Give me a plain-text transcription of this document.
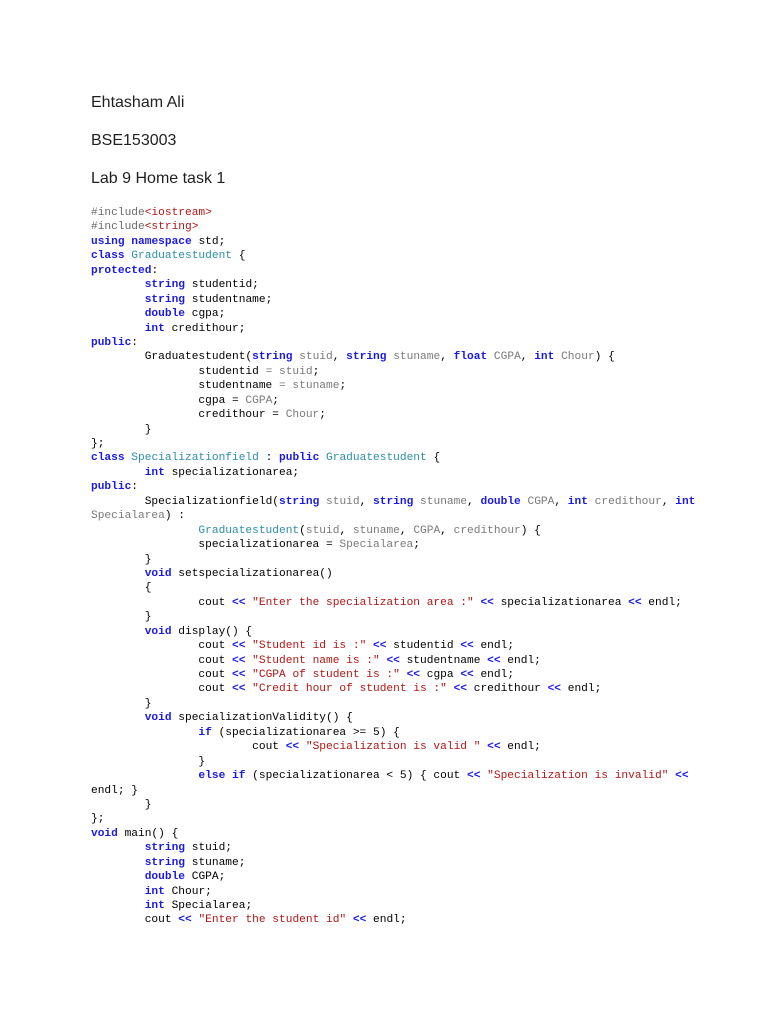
Ehtasham Ali

BSE153003

Lab 9 Home task 1

#include<iostream>
#include<string>
using namespace std;
class Graduatestudent {
protected:
string studentid;
string studentname;
double cgpa;
int credithour;
public:
Graduatestudent(string stuid, string stuname, float CGPA, int Chour) {
studentid = stuid;
studentname = stuname;
cgpa = CGPA;
credithour = Chour;
}
};
class Specializationfield : public Graduatestudent {
int specializationarea;
public:
Specializationfield(string stuid, string stuname, double CGPA, int credithour, int
Specialarea) :
Graduatestudent(stuid, stuname, CGPA, credithour) {
specializationarea = Specialarea;
}
void setspecializationarea()
{
cout << "Enter the specialization area :" << specializationarea << endl;
}
void display() {
cout << "Student id is :" << studentid << endl;
cout << "Student name is :" << studentname << endl;
cout << "CGPA of student is :" << cgpa << endl;
cout << "Credit hour of student is :" << credithour << endl;
}
void specializationValidity() {
if (specializationarea >= 5) {
cout << "Specialization is valid " << endl;
}
else if (specializationarea < 5) { cout << "Specialization is invalid" <<
endl; }
}
};
void main() {
string stuid;
string stuname;
double CGPA;
int Chour;
int Specialarea;
cout << "Enter the student id" << endl;
